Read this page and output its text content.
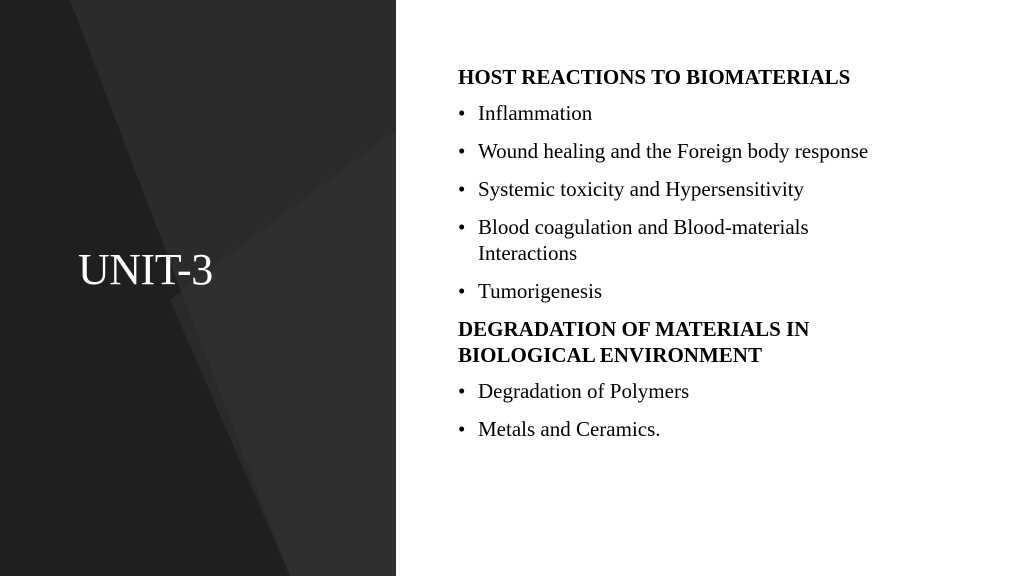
UNIT-3
HOST REACTIONS TO BIOMATERIALS
• Inflammation
• Wound healing and the Foreign body response
• Systemic toxicity and Hypersensitivity
• Blood coagulation and Blood-materials Interactions
• Tumorigenesis
DEGRADATION OF MATERIALS IN BIOLOGICAL ENVIRONMENT
• Degradation of Polymers
• Metals and Ceramics.
